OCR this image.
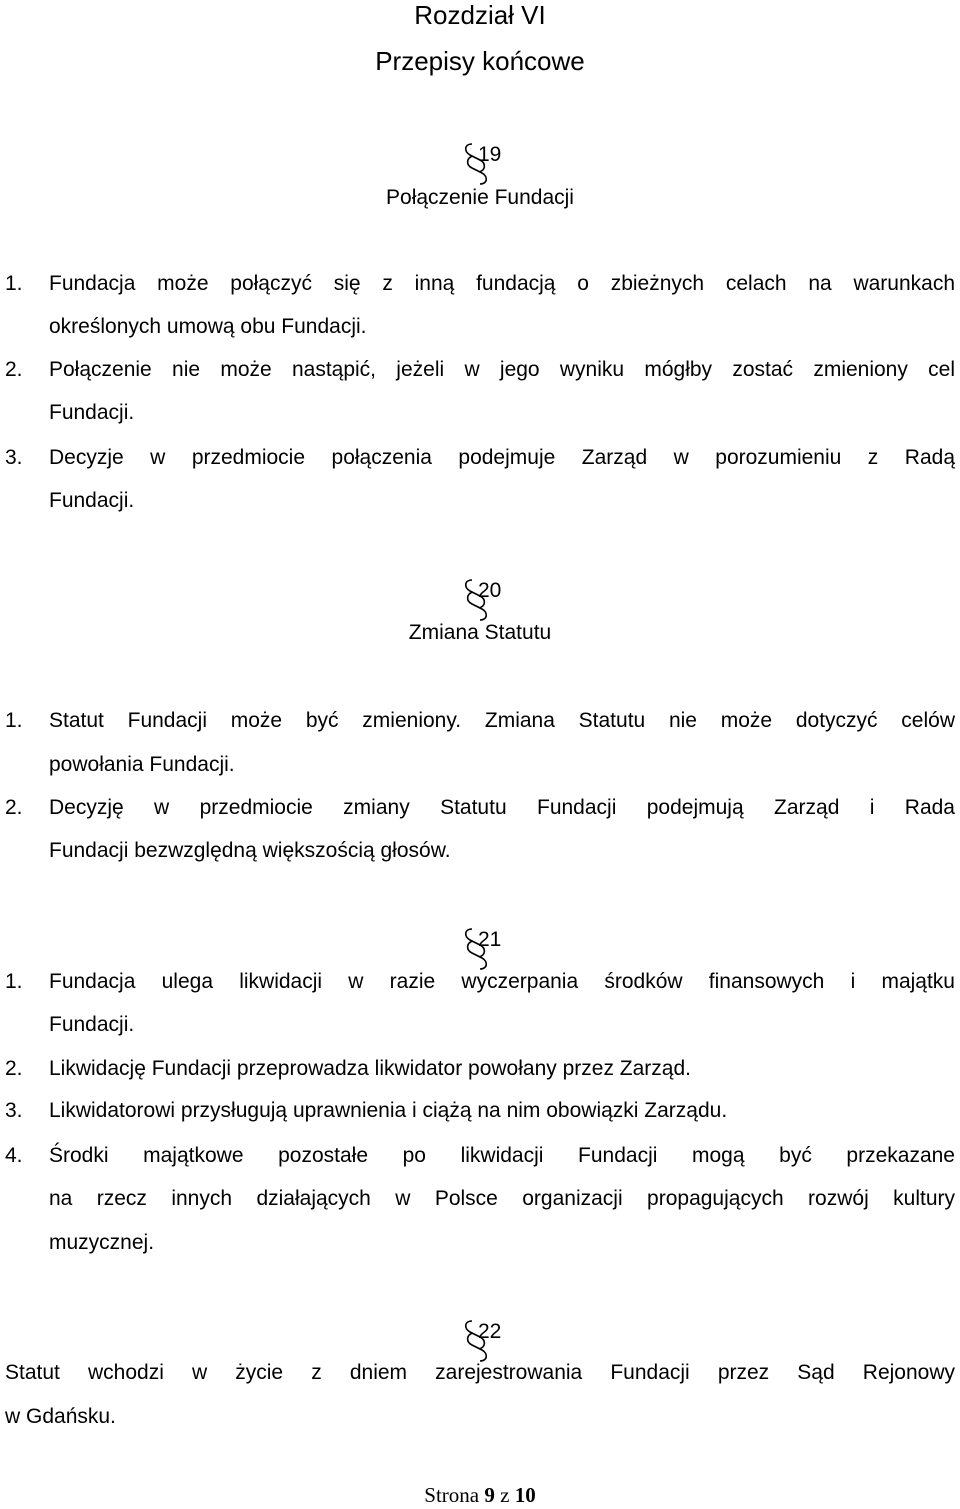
Rozdział VI
Przepisy końcowe
19
Połączenie Fundacji
1. Fundacja może połączyć się z inną fundacją o zbieżnych celach na warunkach
określonych umową obu Fundacji.
2. Połączenie nie może nastąpić, jeżeli w jego wyniku mógłby zostać zmieniony cel
Fundacji.
3. Decyzje w przedmiocie połączenia podejmuje Zarząd w porozumieniu z Radą
Fundacji.
20
Zmiana Statutu
1. Statut Fundacji może być zmieniony. Zmiana Statutu nie może dotyczyć celów
powołania Fundacji.
2. Decyzję w przedmiocie zmiany Statutu Fundacji podejmują Zarząd i Rada
Fundacji bezwzględną większością głosów.
21
1. Fundacja ulega likwidacji w razie wyczerpania środków finansowych i majątku
Fundacji.
2. Likwidację Fundacji przeprowadza likwidator powołany przez Zarząd.
3. Likwidatorowi przysługują uprawnienia i ciążą na nim obowiązki Zarządu.
4. Środki majątkowe pozostałe po likwidacji Fundacji mogą być przekazane
na rzecz innych działających w Polsce organizacji propagujących rozwój kultury
muzycznej.
22
Statut wchodzi w życie z dniem zarejestrowania Fundacji przez Sąd Rejonowy
w Gdańsku.
Strona 9 z 10
